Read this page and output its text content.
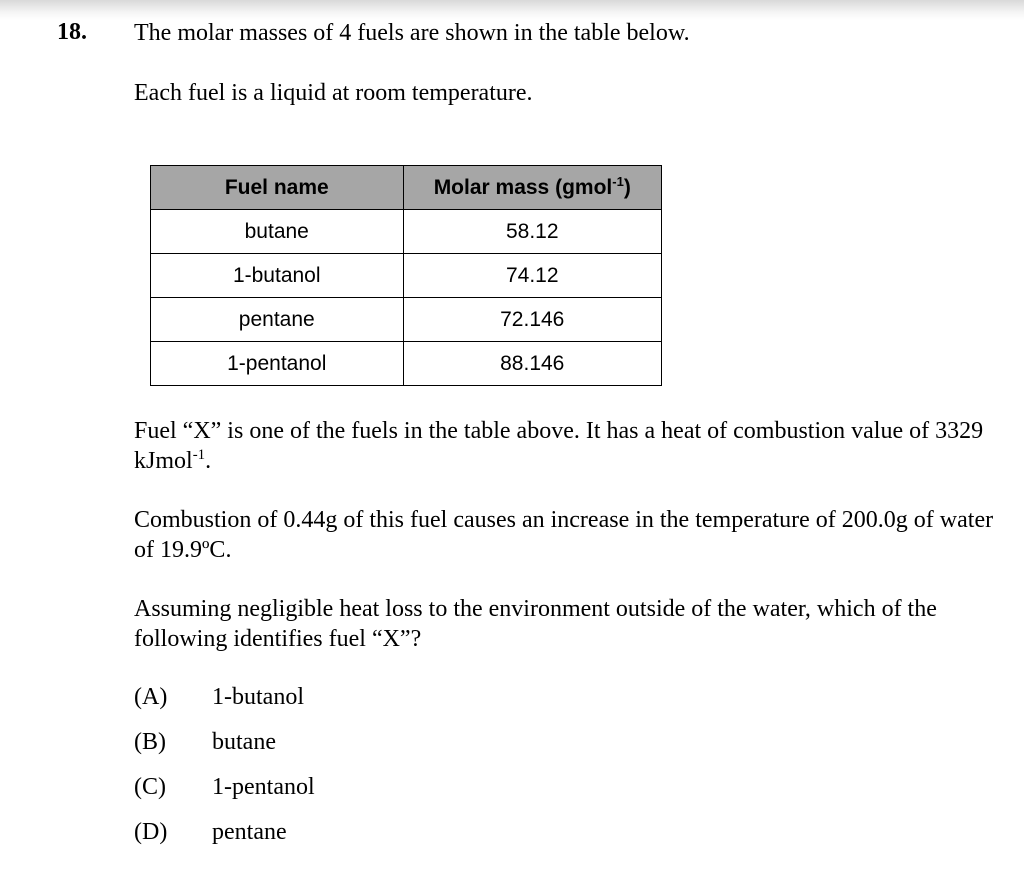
18. The molar masses of 4 fuels are shown in the table below.

Each fuel is a liquid at room temperature.

Fuel name	Molar mass (gmol$^{-1}$)
butane	58.12
1-butanol	74.12
pentane	72.146
1-pentanol	88.146

Fuel “X” is one of the fuels in the table above. It has a heat of combustion value of 3329 kJmol$^{-1}$.

Combustion of 0.44g of this fuel causes an increase in the temperature of 200.0g of water of 19.9ºC.

Assuming negligible heat loss to the environment outside of the water, which of the following identifies fuel “X”?

(A) 1-butanol
(B) butane
(C) 1-pentanol
(D) pentane
